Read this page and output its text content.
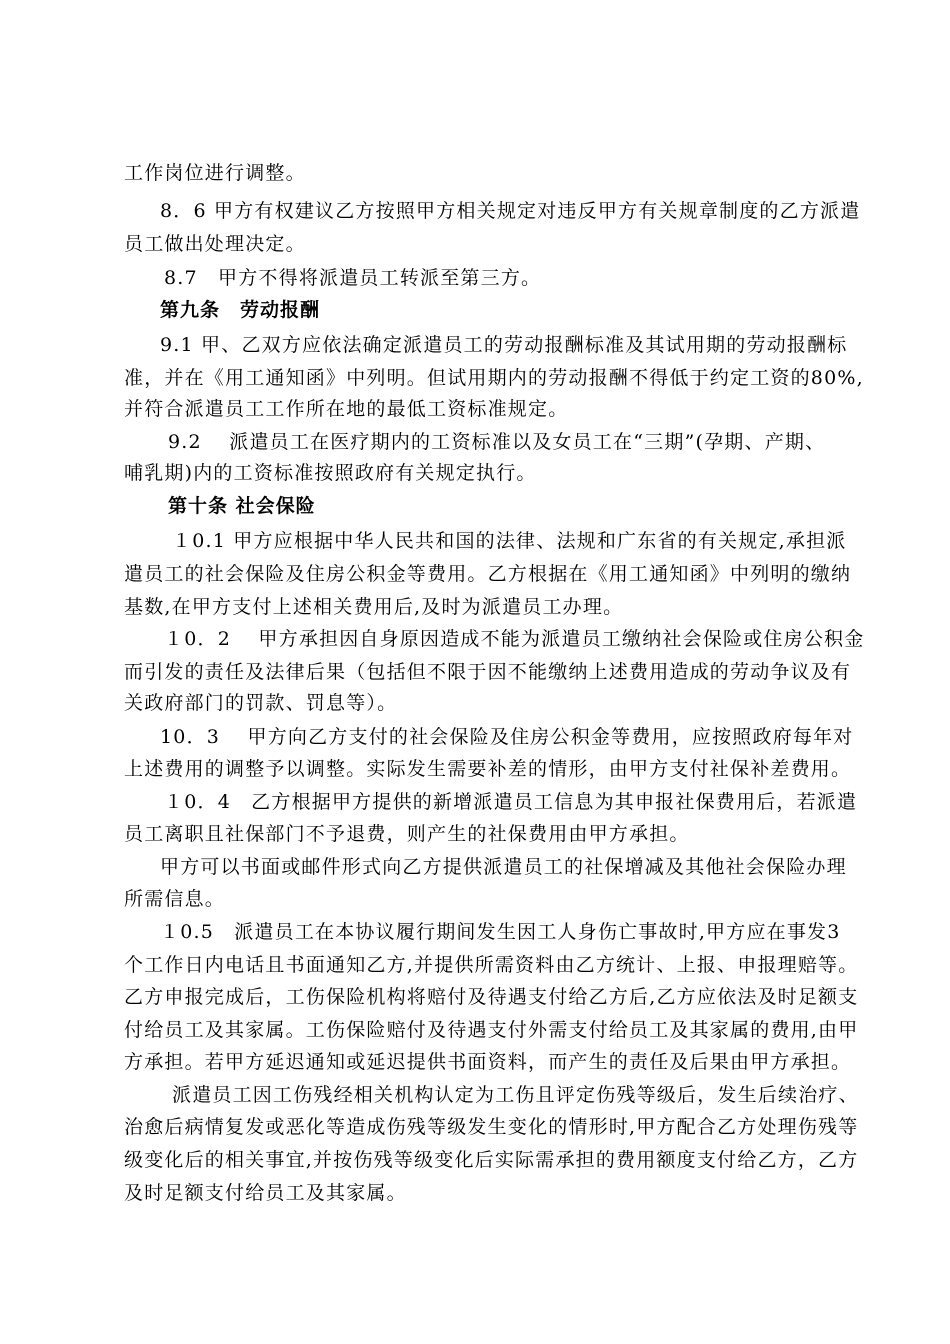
工作岗位进行调整。
8．6 甲方有权建议乙方按照甲方相关规定对违反甲方有关规章制度的乙方派遣
员工做出处理决定。
8.7　甲方不得将派遣员工转派至第三方。
第九条　劳动报酬
9.1 甲、乙双方应依法确定派遣员工的劳动报酬标准及其试用期的劳动报酬标
准，并在《用工通知函》中列明。但试用期内的劳动报酬不得低于约定工资的80%,
并符合派遣员工工作所在地的最低工资标准规定。
9.2　 派遣员工在医疗期内的工资标准以及女员工在“三期”(孕期、产期、
哺乳期)内的工资标准按照政府有关规定执行。
第十条 社会保险
１0.1 甲方应根据中华人民共和国的法律、法规和广东省的有关规定,承担派
遣员工的社会保险及住房公积金等费用。乙方根据在《用工通知函》中列明的缴纳
基数,在甲方支付上述相关费用后,及时为派遣员工办理。
１0．2　 甲方承担因自身原因造成不能为派遣员工缴纳社会保险或住房公积金
而引发的责任及法律后果（包括但不限于因不能缴纳上述费用造成的劳动争议及有
关政府部门的罚款、罚息等）。
10．3　 甲方向乙方支付的社会保险及住房公积金等费用，应按照政府每年对
上述费用的调整予以调整。实际发生需要补差的情形，由甲方支付社保补差费用。
１0．4　乙方根据甲方提供的新增派遣员工信息为其申报社保费用后，若派遣
员工离职且社保部门不予退费，则产生的社保费用由甲方承担。
甲方可以书面或邮件形式向乙方提供派遣员工的社保增减及其他社会保险办理
所需信息。
１0.5　派遣员工在本协议履行期间发生因工人身伤亡事故时,甲方应在事发3
个工作日内电话且书面通知乙方,并提供所需资料由乙方统计、上报、申报理赔等。
乙方申报完成后，工伤保险机构将赔付及待遇支付给乙方后,乙方应依法及时足额支
付给员工及其家属。工伤保险赔付及待遇支付外需支付给员工及其家属的费用,由甲
方承担。若甲方延迟通知或延迟提供书面资料，而产生的责任及后果由甲方承担。
派遣员工因工伤残经相关机构认定为工伤且评定伤残等级后，发生后续治疗、
治愈后病情复发或恶化等造成伤残等级发生变化的情形时,甲方配合乙方处理伤残等
级变化后的相关事宜,并按伤残等级变化后实际需承担的费用额度支付给乙方，乙方
及时足额支付给员工及其家属。
